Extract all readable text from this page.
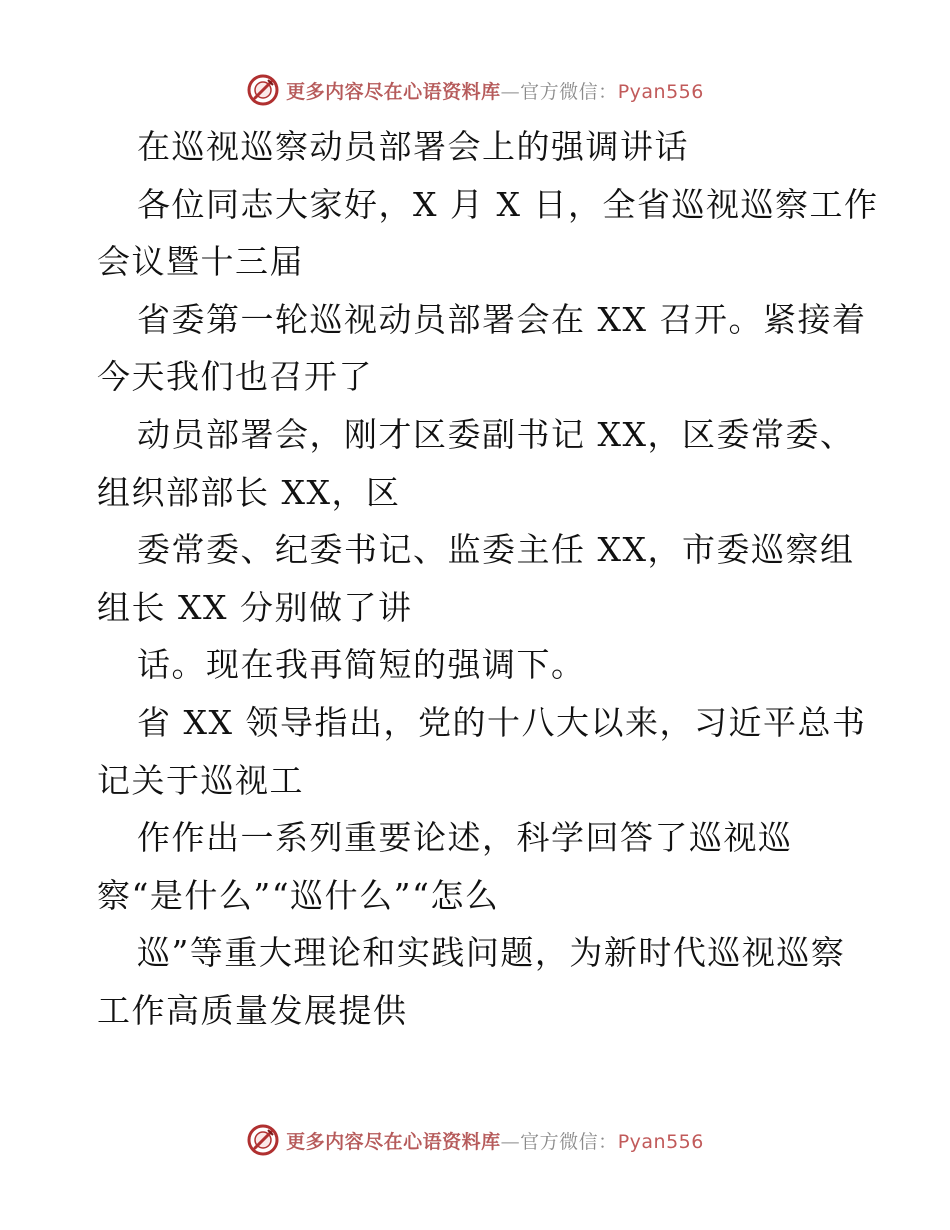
更多内容尽在心语资料库—官方微信：Pyan556
在巡视巡察动员部署会上的强调讲话
各位同志大家好，X 月 X 日，全省巡视巡察工作
会议暨十三届
省委第一轮巡视动员部署会在 XX 召开。紧接着
今天我们也召开了
动员部署会，刚才区委副书记 XX，区委常委、
组织部部长 XX，区
委常委、纪委书记、监委主任 XX，市委巡察组
组长 XX 分别做了讲
话。现在我再简短的强调下。
省 XX 领导指出，党的十八大以来，习近平总书
记关于巡视工
作作出一系列重要论述，科学回答了巡视巡
察“是什么”“巡什么”“怎么
巡”等重大理论和实践问题，为新时代巡视巡察
工作高质量发展提供
更多内容尽在心语资料库—官方微信：Pyan556
